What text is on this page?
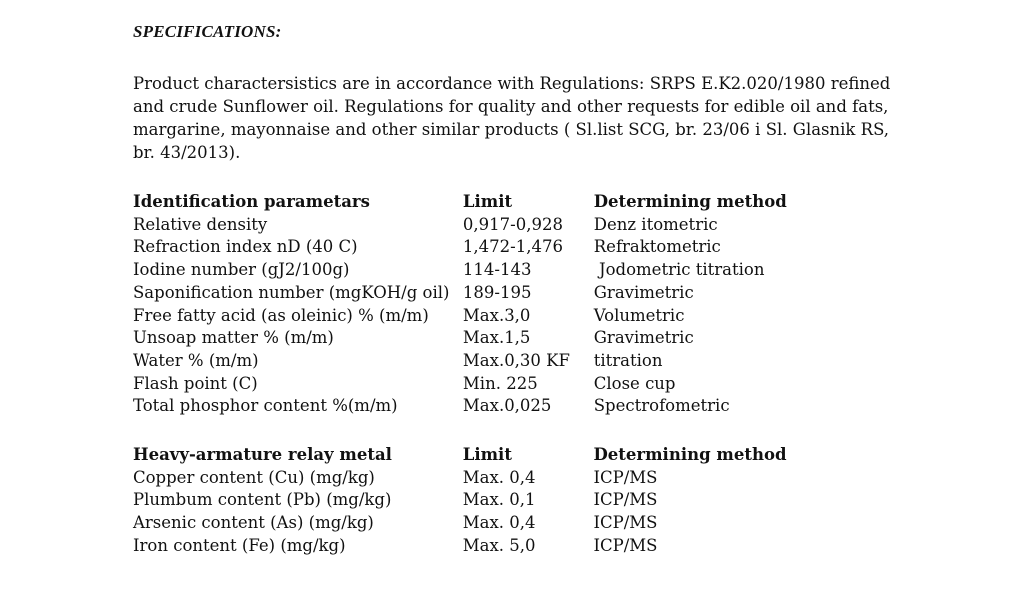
SPECIFICATIONS:

Product charactersistics are in accordance with Regulations: SRPS E.K2.020/1980 refined and crude Sunflower oil. Regulations for quality and other requests for edible oil and fats, margarine, mayonnaise and other similar products ( Sl.list SCG, br. 23/06 i Sl. Glasnik RS, br. 43/2013).

Identification parametars	Limit	Determining method
Relative density	0,917-0,928	Denz itometric
Refraction index nD (40 C)	1,472-1,476	Refraktometric
Iodine number (gJ2/100g)	114-143	Jodometric titration
Saponification number (mgKOH/g oil)	189-195	Gravimetric
Free fatty acid (as oleinic) % (m/m)	Max.3,0	Volumetric
Unsoap matter % (m/m)	Max.1,5	Gravimetric
Water % (m/m)	Max.0,30 KF	titration
Flash point (C)	Min. 225	Close cup
Total phosphor content %(m/m)	Max.0,025	Spectrofometric
Heavy-armature relay metal	Limit	Determining method
Copper content (Cu) (mg/kg)	Max. 0,4	ICP/MS
Plumbum content (Pb) (mg/kg)	Max. 0,1	ICP/MS
Arsenic content (As) (mg/kg)	Max. 0,4	ICP/MS
Iron content (Fe) (mg/kg)	Max. 5,0	ICP/MS
